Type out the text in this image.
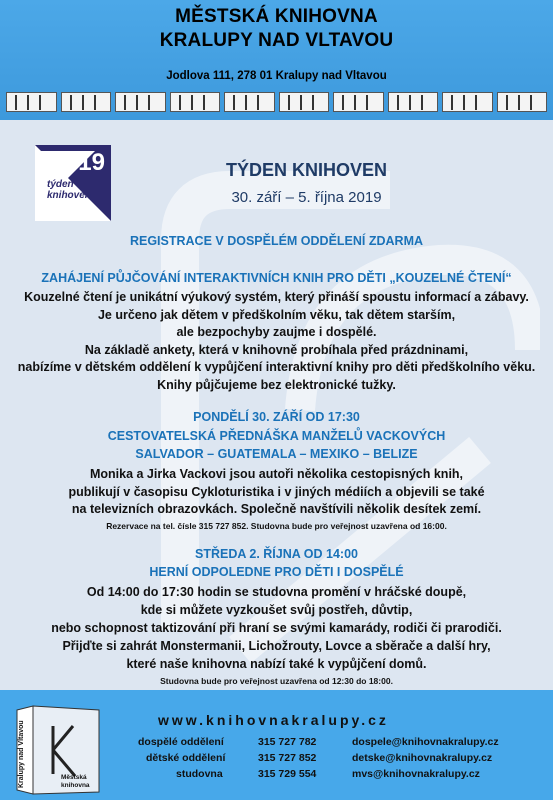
MĚSTSKÁ KNIHOVNA
KRALUPY NAD VLTAVOU
Jodlova 111, 278 01 Kralupy nad Vltavou
19
týden
knihoven
TÝDEN KNIHOVEN
30. září – 5. října 2019
REGISTRACE V DOSPĚLÉM ODDĚLENÍ ZDARMA
ZAHÁJENÍ PŮJČOVÁNÍ INTERAKTIVNÍCH KNIH PRO DĚTI „KOUZELNÉ ČTENÍ“
Kouzelné čtení je unikátní výukový systém, který přináší spoustu informací a zábavy.
Je určeno jak dětem v předškolním věku, tak dětem starším,
ale bezpochyby zaujme i dospělé.
Na základě ankety, která v knihovně probíhala před prázdninami,
nabízíme v dětském oddělení k vypůjčení interaktivní knihy pro děti předškolního věku.
Knihy půjčujeme bez elektronické tužky.
PONDĚLÍ 30. ZÁŘÍ OD 17:30
CESTOVATELSKÁ PŘEDNÁŠKA MANŽELŮ VACKOVÝCH
SALVADOR – GUATEMALA – MEXIKO – BELIZE
Monika a Jirka Vackovi jsou autoři několika cestopisných knih,
publikují v časopisu Cykloturistika i v jiných médiích a objevili se také
na televizních obrazovkách. Společně navštívili několik desítek zemí.
Rezervace na tel. čísle 315 727 852. Studovna bude pro veřejnost uzavřena od 16:00.
STŘEDA 2. ŘÍJNA OD 14:00
HERNÍ ODPOLEDNE PRO DĚTI I DOSPĚLÉ
Od 14:00 do 17:30 hodin se studovna promění v hráčské doupě,
kde si můžete vyzkoušet svůj postřeh, důvtip,
nebo schopnost taktizování při hraní se svými kamarády, rodiči či prarodiči.
Přijďte si zahrát Monstermanii, Lichožrouty, Lovce a sběrače a další hry,
které naše knihovna nabízí také k vypůjčení domů.
Studovna bude pro veřejnost uzavřena od 12:30 do 18:00.
Kralupy nad Vltavou	Městská knihovna
www.knihovnakralupy.cz
dospělé oddělení	315 727 782	dospele@knihovnakralupy.cz
dětské oddělení	315 727 852	detske@knihovnakralupy.cz
studovna	315 729 554	mvs@knihovnakralupy.cz
